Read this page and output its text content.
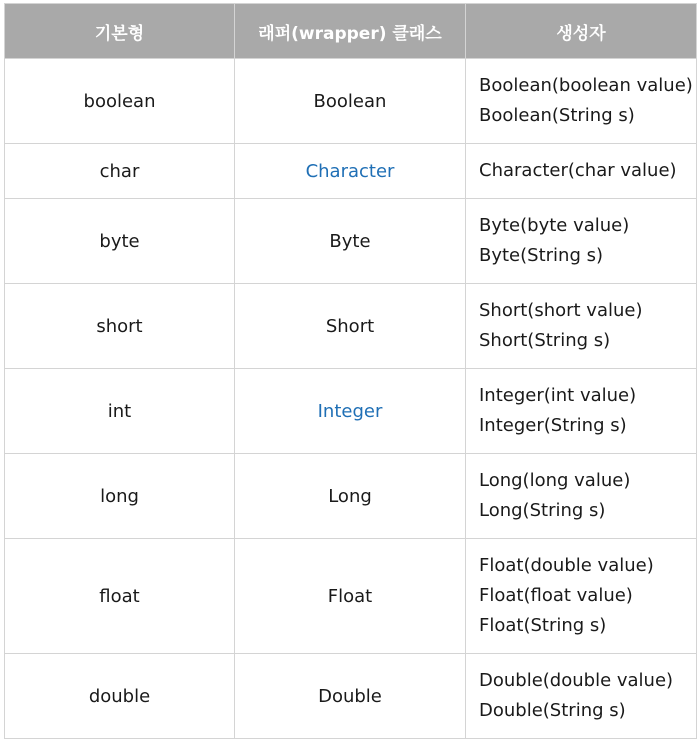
기본형	래퍼(wrapper) 클래스	생성자
boolean	Boolean	Boolean(boolean value)
Boolean(String s)

char	Character	Character(char value)

byte	Byte	Byte(byte value)
Byte(String s)

short	Short	Short(short value)
Short(String s)

int	Integer	Integer(int value)
Integer(String s)

long	Long	Long(long value)
Long(String s)

float	Float	Float(double value)
Float(float value)
Float(String s)

double	Double	Double(double value)
Double(String s)
